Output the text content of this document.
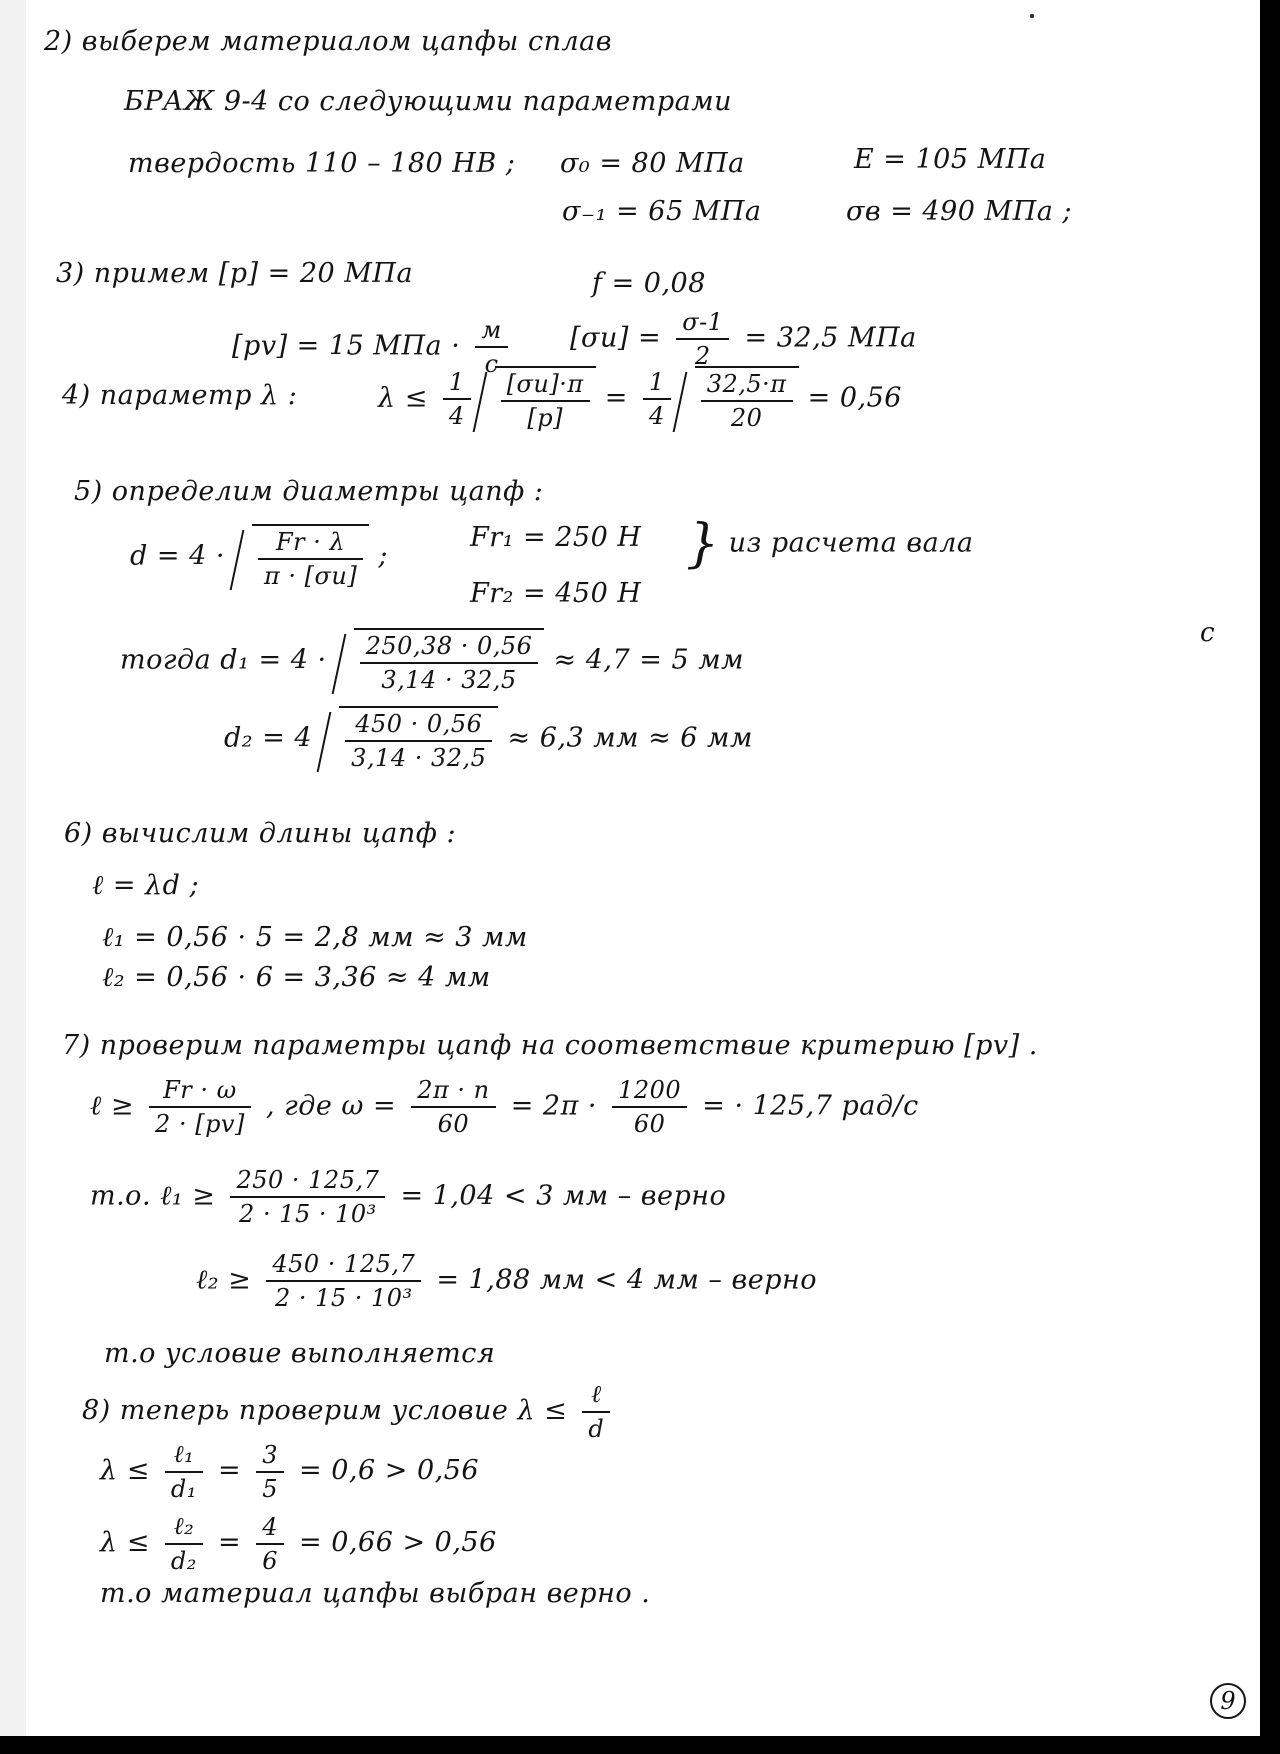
2) выберем материалом цапфы сплав
БРАЖ 9-4 со следующими параметрами
твердость 110 – 180 HB ; σ₀ = 80 МПа	E = 105 МПа
σ₋₁ = 65 МПа	σв = 490 МПа ;
3) примем [p] = 20 МПа	f = 0,08
[pv] = 15 МПа · $\frac{м}{с} [\sigma и] = \frac{\sigma-1}{2} = 32,5$ МПа
4) параметр λ :	$\lambda \le \frac{1}{4} \frac{[\sigma и]\cdot\pi}{[p]} = \frac{1}{4} \frac{32,5\cdot\pi}{20} = 0,56$
5) определим диаметры цапф :
$d = 4 \cdot \frac{Fr \cdot \lambda}{\pi \cdot [\sigma и]}$ ;
Fr₁ = 250 Н
Fr₂ = 450 Н
} из расчета вала
с
тогда $d_1 = 4 \cdot \frac{250,38 \cdot 0,56}{3,14 \cdot 32,5} \approx 4,7 = 5$ мм
$d_2 = 4 \frac{450 \cdot 0,56}{3,14 \cdot 32,5} \approx 6,3$ мм ≈ 6 мм
6) вычислим длины цапф :
ℓ = λd ;
ℓ₁ = 0,56 · 5 = 2,8 мм ≈ 3 мм
ℓ₂ = 0,56 · 6 = 3,36 ≈ 4 мм
7) проверим параметры цапф на соответствие критерию [pv] .
ℓ ≥ $\frac{Fr \cdot \omega}{2 \cdot [pv]}$ , где $\omega = \frac{2\pi \cdot n}{60} = 2\pi \cdot \frac{1200}{60}$ = · 125,7 рад/с
т.о. ℓ₁ ≥ $\frac{250 \cdot 125,7}{\text{2 · 15 · 10³}} = 1,04 < 3$ мм – верно
ℓ₂ ≥ $\frac{450 \cdot 125,7}{\text{2 · 15 · 10³}} = 1,88$ мм < 4 мм – верно
т.о условие выполняется
8) теперь проверим условие $\lambda \le \frac{\text{ℓ}}{d}$
$\lambda \le \frac{\text{ℓ₁}}{\text{d₁}} = \frac{3}{5} = 0,6 > 0,56$
$\lambda \le \frac{\text{ℓ₂}}{\text{d₂}} = \frac{4}{6} = 0,66 > 0,56$
т.о материал цапфы выбран верно .
9
